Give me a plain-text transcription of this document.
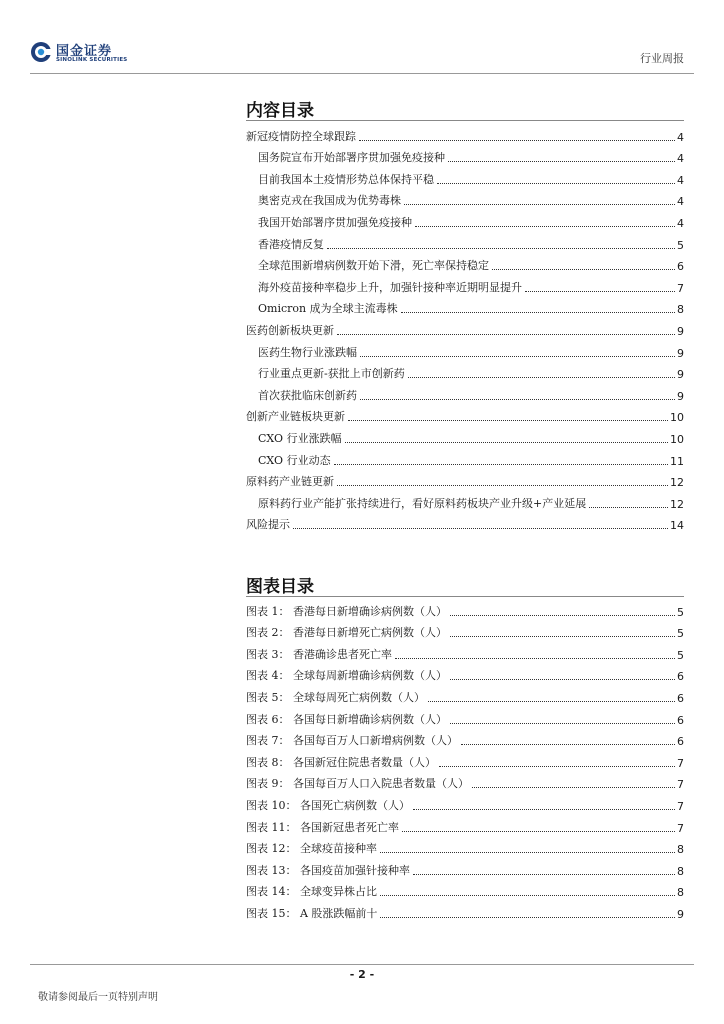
国金证券
SINOLINK SECURITIES	行业周报
内容目录
新冠疫情防控全球跟踪	4
国务院宣布开始部署序贯加强免疫接种	4
目前我国本土疫情形势总体保持平稳	4
奥密克戎在我国成为优势毒株	4
我国开始部署序贯加强免疫接种	4
香港疫情反复	5
全球范围新增病例数开始下滑，死亡率保持稳定	6
海外疫苗接种率稳步上升，加强针接种率近期明显提升	7
Omicron 成为全球主流毒株	8
医药创新板块更新	9
医药生物行业涨跌幅	9
行业重点更新-获批上市创新药	9
首次获批临床创新药	9
创新产业链板块更新	10
CXO 行业涨跌幅	10
CXO 行业动态	11
原料药产业链更新	12
原料药行业产能扩张持续进行，看好原料药板块产业升级+产业延展	12
风险提示	14
图表目录
图表 1： 香港每日新增确诊病例数（人）	5
图表 2： 香港每日新增死亡病例数（人）	5
图表 3： 香港确诊患者死亡率	5
图表 4： 全球每周新增确诊病例数（人）	6
图表 5： 全球每周死亡病例数（人）	6
图表 6： 各国每日新增确诊病例数（人）	6
图表 7： 各国每百万人口新增病例数（人）	6
图表 8： 各国新冠住院患者数量（人）	7
图表 9： 各国每百万人口入院患者数量（人）	7
图表 10： 各国死亡病例数（人）	7
图表 11： 各国新冠患者死亡率	7
图表 12： 全球疫苗接种率	8
图表 13： 各国疫苗加强针接种率	8
图表 14： 全球变异株占比	8
图表 15： A 股涨跌幅前十	9
- 2 -
敬请参阅最后一页特别声明
